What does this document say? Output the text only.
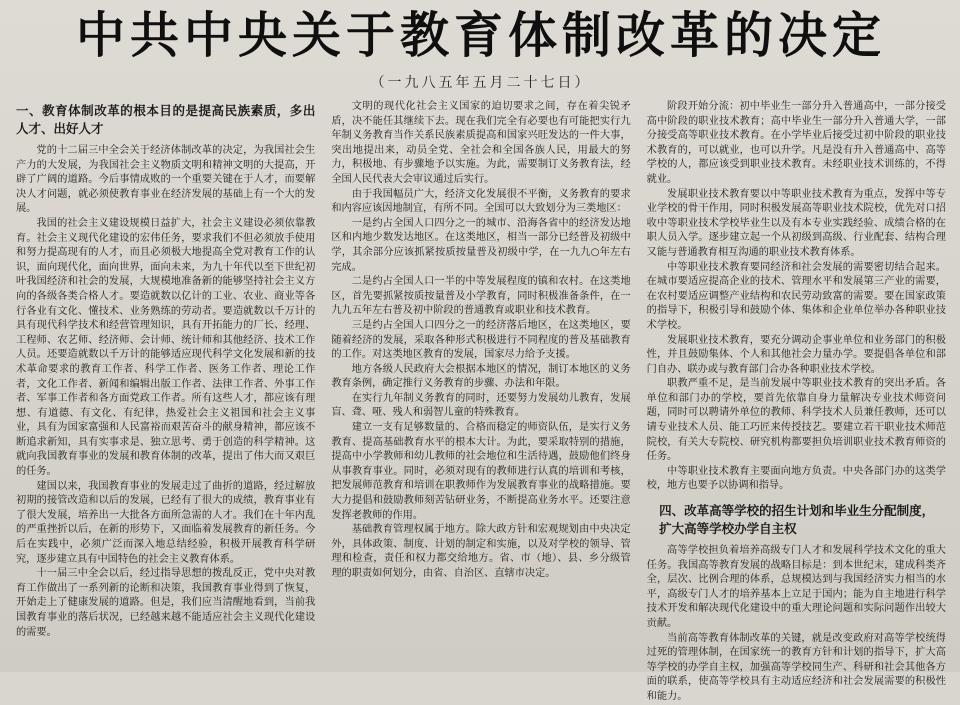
中共中央关于教育体制改革的决定
（一九八五年五月二十七日）
一、教育体制改革的根本目的是提高民族素质，多出人才、出好人才

党的十二届三中全会关于经济体制改革的决定，为我国社会生产力的大发展，为我国社会主义物质文明和精神文明的大提高，开辟了广阔的道路。今后事情成败的一个重要关键在于人才，而要解决人才问题，就必须使教育事业在经济发展的基础上有一个大的发展。

我国的社会主义建设规模日益扩大，社会主义建设必须依靠教育。社会主义现代化建设的宏伟任务，要求我们不但必须放手使用和努力提高现有的人才，而且必须极大地提高全党对教育工作的认识，面向现代化，面向世界，面向未来，为九十年代以至下世纪初叶我国经济和社会的发展，大规模地准备新的能够坚持社会主义方向的各级各类合格人才。要造就数以亿计的工业、农业、商业等各行各业有文化、懂技术、业务熟练的劳动者。要造就数以千万计的具有现代科学技术和经营管理知识，具有开拓能力的厂长、经理、工程师、农艺师、经济师、会计师、统计师和其他经济、技术工作人员。还要造就数以千万计的能够适应现代科学文化发展和新的技术革命要求的教育工作者、科学工作者、医务工作者、理论工作者，文化工作者、新闻和编辑出版工作者、法律工作者、外事工作者、军事工作者和各方面党政工作者。所有这些人才，都应该有理想、有道德、有文化、有纪律，热爱社会主义祖国和社会主义事业，具有为国家富强和人民富裕而艰苦奋斗的献身精神，都应该不断追求新知，具有实事求是、独立思考、勇于创造的科学精神。这就向我国教育事业的发展和教育体制的改革，提出了伟大而又艰巨的任务。

建国以来，我国教育事业的发展走过了曲折的道路，经过解放初期的接管改造和以后的发展，已经有了很大的成绩，教育事业有了很大发展，培养出一大批各方面所急需的人才。我们在十年内乱的严重挫折以后，在新的形势下，又面临着发展教育的新任务。今后在实践中，必须广泛而深入地总结经验，积极开展教育科学研究，逐步建立具有中国特色的社会主义教育体系。

十一届三中全会以后，经过指导思想的拨乱反正，党中央对教育工作做出了一系列新的论断和决策，我国教育事业得到了恢复，开始走上了健康发展的道路。但是，我们应当清醒地看到，当前我国教育事业的落后状况，已经越来越不能适应社会主义现代化建设的需要。

文明的现代化社会主义国家的迫切要求之间，存在着尖锐矛盾，决不能任其继续下去。现在我们完全有必要也有可能把实行九年制义务教育当作关系民族素质提高和国家兴旺发达的一件大事，突出地提出来，动员全党、全社会和全国各族人民，用最大的努力，积极地、有步骤地予以实施。为此，需要制订义务教育法，经全国人民代表大会审议通过后实行。

由于我国幅员广大，经济文化发展很不平衡，义务教育的要求和内容应该因地制宜，有所不同。全国可以大致划分为三类地区：

一是约占全国人口四分之一的城市、沿海各省中的经济发达地区和内地少数发达地区。在这类地区，相当一部分已经普及初级中学，其余部分应该抓紧按质按量普及初级中学，在一九九○年左右完成。

二是约占全国人口一半的中等发展程度的镇和农村。在这类地区，首先要抓紧按质按量普及小学教育，同时积极准备条件，在一九九五年左右普及初中阶段的普通教育或职业和技术教育。

三是约占全国人口四分之一的经济落后地区，在这类地区，要随着经济的发展，采取各种形式积极进行不同程度的普及基础教育的工作。对这类地区教育的发展，国家尽力给予支援。

地方各级人民政府大会根据本地区的情况，制订本地区的义务教育条例，确定推行义务教育的步骤、办法和年限。

在实行九年制义务教育的同时，还要努力发展幼儿教育，发展盲、聋、哑、残人和弱智儿童的特殊教育。

建立一支有足够数量的、合格而稳定的师资队伍，是实行义务教育、提高基础教育水平的根本大计。为此，要采取特别的措施，提高中小学教师和幼儿教师的社会地位和生活待遇，鼓励他们终身从事教育事业。同时，必须对现有的教师进行认真的培训和考核，把发展师范教育和培训在职教师作为发展教育事业的战略措施。要大力提倡和鼓励教师刻苦钻研业务，不断提高业务水平。还要注意发挥老教师的作用。

基础教育管理权属于地方。除大政方针和宏观规划由中央决定外，具体政策、制度、计划的制定和实施，以及对学校的领导、管理和检查，责任和权力都交给地方。省、市（地）、县、乡分级管理的职责如何划分，由省、自治区、直辖市决定。

阶段开始分流：初中毕业生一部分升入普通高中，一部分接受高中阶段的职业技术教育；高中毕业生一部分升入普通大学，一部分接受高等职业技术教育。在小学毕业后接受过初中阶段的职业技术教育的，可以就业，也可以升学。凡是没有升入普通高中、高等学校的人，都应该受到职业技术教育。未经职业技术训练的，不得就业。

发展职业技术教育要以中等职业技术教育为重点，发挥中等专业学校的骨干作用，同时积极发展高等职业技术院校，优先对口招收中等职业技术学校毕业生以及有本专业实践经验、成绩合格的在职人员入学。逐步建立起一个从初级到高级、行业配套、结构合理又能与普通教育相互沟通的职业技术教育体系。

中等职业技术教育要同经济和社会发展的需要密切结合起来。在城市要适应提高企业的技术、管理水平和发展第三产业的需要，在农村要适应调整产业结构和农民劳动致富的需要。要在国家政策的指导下，积极引导和鼓励个体、集体和企业单位举办各种职业技术学校。

发展职业技术教育，要充分调动企事业单位和业务部门的积极性，并且鼓励集体、个人和其他社会力量办学。要提倡各单位和部门自办、联办或与教育部门合办各种职业技术学校。

职教严重不足，是当前发展中等职业技术教育的突出矛盾。各单位和部门办的学校，要首先依靠自身力量解决专业技术师资问题，同时可以聘请外单位的教师、科学技术人员兼任教师，还可以请专业技术人员、能工巧匠来传授技艺。要建立若干职业技术师范院校，有关大专院校、研究机构都要担负培训职业技术教育师资的任务。

中等职业技术教育主要面向地方负责。中央各部门办的这类学校，地方也要予以协调和指导。

四、改革高等学校的招生计划和毕业生分配制度，扩大高等学校办学自主权

高等学校担负着培养高级专门人才和发展科学技术文化的重大任务。我国高等教育发展的战略目标是：到本世纪末，建成科类齐全，层次、比例合理的体系，总规模达到与我国经济实力相当的水平，高级专门人才的培养基本上立足于国内；能为自主地进行科学技术开发和解决现代化建设中的重大理论问题和实际问题作出较大贡献。

当前高等教育体制改革的关键，就是改变政府对高等学校统得过死的管理体制，在国家统一的教育方针和计划的指导下，扩大高等学校的办学自主权，加强高等学校同生产、科研和社会其他各方面的联系，使高等学校具有主动适应经济和社会发展需要的积极性和能力。
